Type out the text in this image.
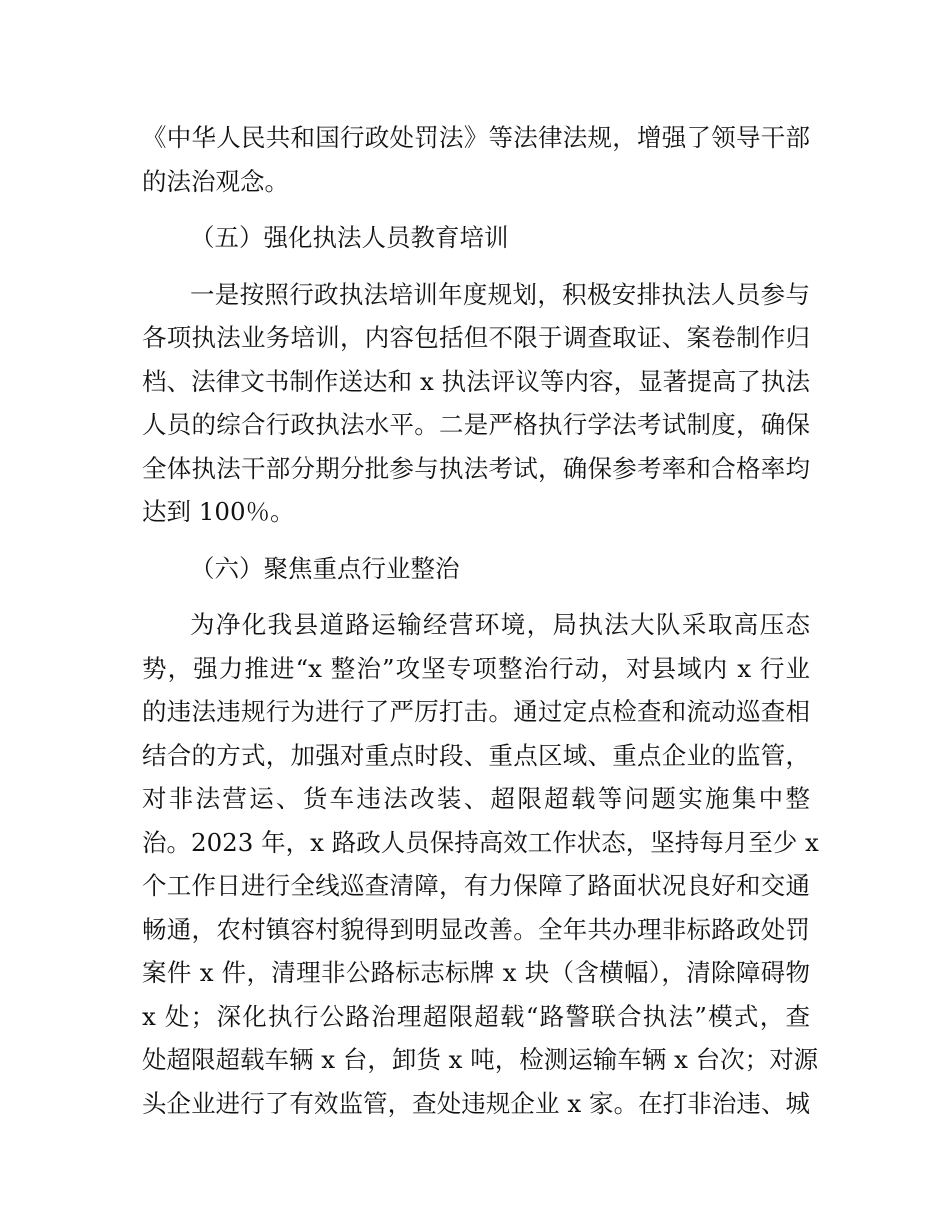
《中华人民共和国行政处罚法》等法律法规，增强了领导干部
的法治观念。
（五）强化执法人员教育培训
一是按照行政执法培训年度规划，积极安排执法人员参与
各项执法业务培训，内容包括但不限于调查取证、案卷制作归
档、法律文书制作送达和 x 执法评议等内容，显著提高了执法
人员的综合行政执法水平。二是严格执行学法考试制度，确保
全体执法干部分期分批参与执法考试，确保参考率和合格率均
达到 100％。
（六）聚焦重点行业整治
为净化我县道路运输经营环境，局执法大队采取高压态
势，强力推进“x 整治”攻坚专项整治行动，对县域内 x 行业
的违法违规行为进行了严厉打击。通过定点检查和流动巡查相
结合的方式，加强对重点时段、重点区域、重点企业的监管，
对非法营运、货车违法改装、超限超载等问题实施集中整
治。2023 年，x 路政人员保持高效工作状态，坚持每月至少 x
个工作日进行全线巡查清障，有力保障了路面状况良好和交通
畅通，农村镇容村貌得到明显改善。全年共办理非标路政处罚
案件 x 件，清理非公路标志标牌 x 块（含横幅），清除障碍物
x 处；深化执行公路治理超限超载“路警联合执法”模式，查
处超限超载车辆 x 台，卸货 x 吨，检测运输车辆 x 台次；对源
头企业进行了有效监管，查处违规企业 x 家。在打非治违、城
